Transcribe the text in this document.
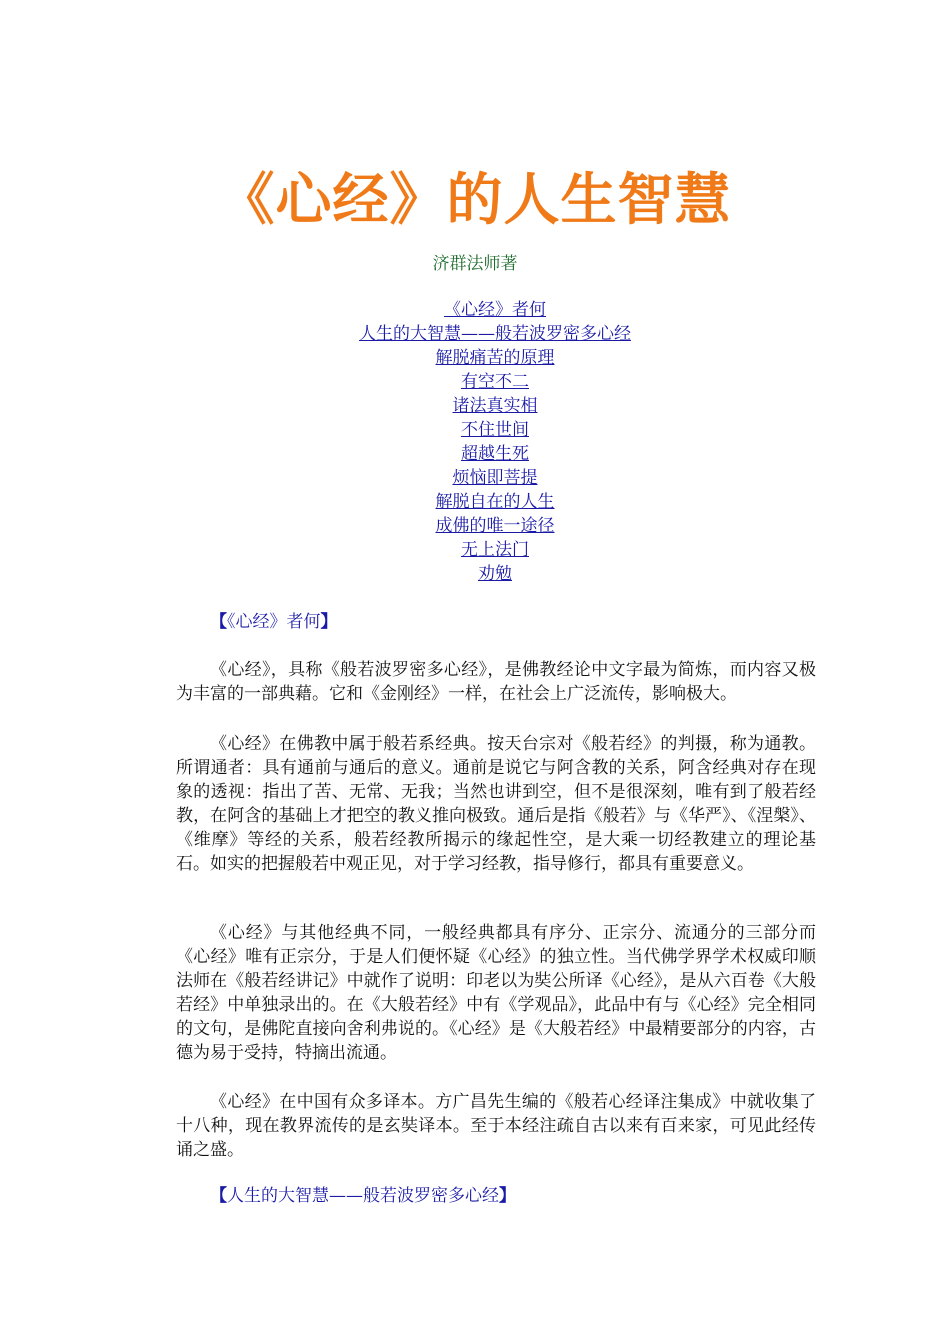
《心经》的人生智慧
济群法师著
《心经》者何
人生的大智慧——般若波罗密多心经
解脱痛苦的原理
有空不二
诸法真实相
不住世间
超越生死
烦恼即菩提
解脱自在的人生
成佛的唯一途径
无上法门
劝勉
【《心经》者何】

《心经》，具称《般若波罗密多心经》，是佛教经论中文字最为简炼，而内容又极为丰富的一部典藉。它和《金刚经》一样，在社会上广泛流传，影响极大。

《心经》在佛教中属于般若系经典。按天台宗对《般若经》的判摄，称为通教。所谓通者：具有通前与通后的意义。通前是说它与阿含教的关系，阿含经典对存在现象的透视：指出了苦、无常、无我；当然也讲到空，但不是很深刻，唯有到了般若经教，在阿含的基础上才把空的教义推向极致。通后是指《般若》与《华严》、《涅槃》、《维摩》等经的关系，般若经教所揭示的缘起性空，是大乘一切经教建立的理论基石。如实的把握般若中观正见，对于学习经教，指导修行，都具有重要意义。

《心经》与其他经典不同，一般经典都具有序分、正宗分、流通分的三部分而《心经》唯有正宗分，于是人们便怀疑《心经》的独立性。当代佛学界学术权威印顺法师在《般若经讲记》中就作了说明：印老以为奘公所译《心经》，是从六百卷《大般若经》中单独录出的。在《大般若经》中有《学观品》，此品中有与《心经》完全相同的文句，是佛陀直接向舍利弗说的。《心经》是《大般若经》中最精要部分的内容，古德为易于受持，特摘出流通。

《心经》在中国有众多译本。方广昌先生编的《般若心经译注集成》中就收集了十八种，现在教界流传的是玄奘译本。至于本经注疏自古以来有百来家，可见此经传诵之盛。

【人生的大智慧——般若波罗密多心经】
